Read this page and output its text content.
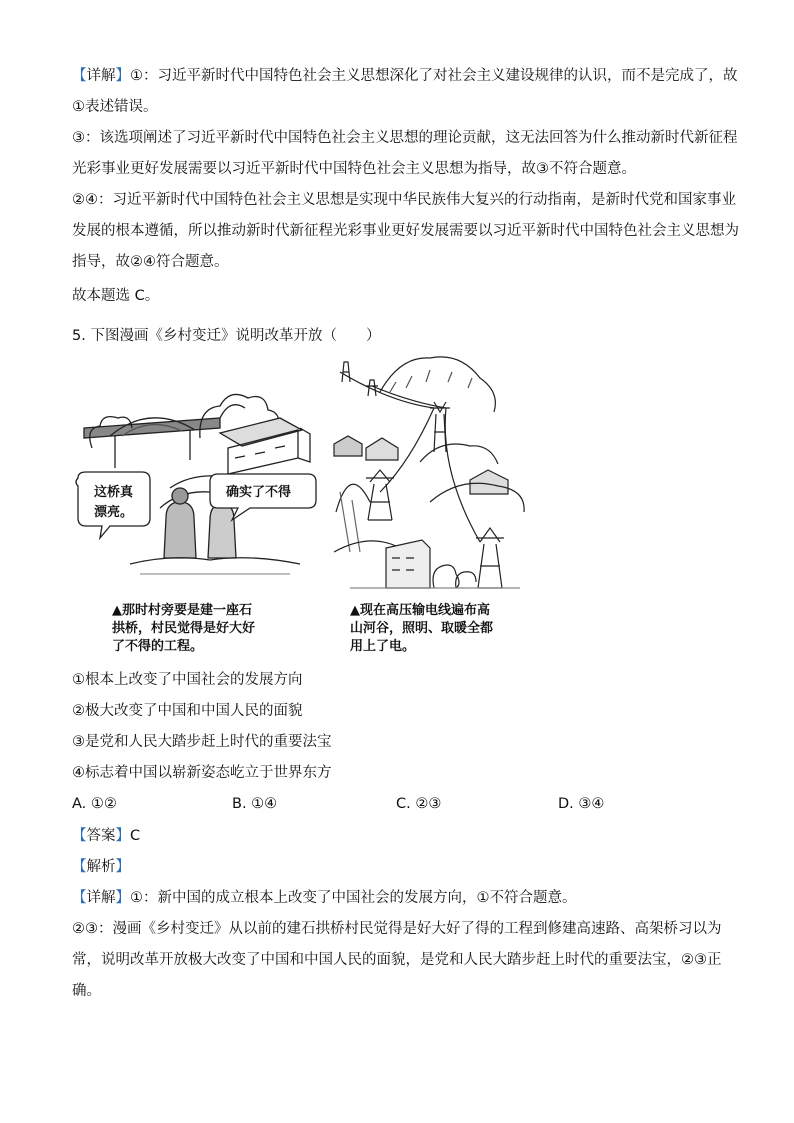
【详解】①：习近平新时代中国特色社会主义思想深化了对社会主义建设规律的认识，而不是完成了，故
①表述错误。
③：该选项阐述了习近平新时代中国特色社会主义思想的理论贡献，这无法回答为什么推动新时代新征程
光彩事业更好发展需要以习近平新时代中国特色社会主义思想为指导，故③不符合题意。
②④：习近平新时代中国特色社会主义思想是实现中华民族伟大复兴的行动指南，是新时代党和国家事业
发展的根本遵循，所以推动新时代新征程光彩事业更好发展需要以习近平新时代中国特色社会主义思想为
指导，故②④符合题意。
故本题选 C。
5. 下图漫画《乡村变迁》说明改革开放（　　）
这桥真
漂亮。
确实了不得
▲那时村旁要是建一座石
拱桥，村民觉得是好大好
了不得的工程。
▲现在高压输电线遍布高
山河谷，照明、取暖全都
用上了电。
①根本上改变了中国社会的发展方向
②极大改变了中国和中国人民的面貌
③是党和人民大踏步赶上时代的重要法宝
④标志着中国以崭新姿态屹立于世界东方
A. ①②	B. ①④	C. ②③	D. ③④
【答案】C
【解析】
【详解】①：新中国的成立根本上改变了中国社会的发展方向，①不符合题意。
②③：漫画《乡村变迁》从以前的建石拱桥村民觉得是好大好了得的工程到修建高速路、高架桥习以为
常，说明改革开放极大改变了中国和中国人民的面貌，是党和人民大踏步赶上时代的重要法宝，②③正
确。
